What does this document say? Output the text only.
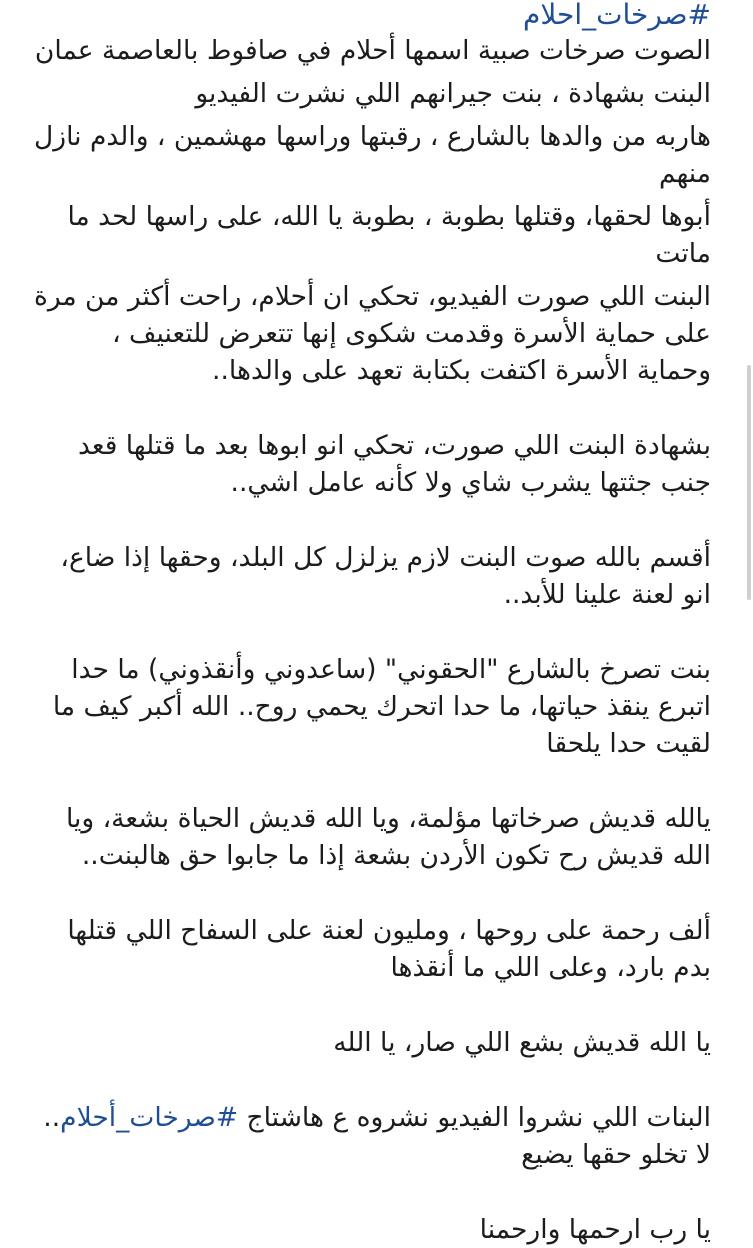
#صرخات_احلام

الصوت صرخات صبية اسمها أحلام في صافوط بالعاصمة عمان

البنت بشهادة ، بنت جيرانهم اللي نشرت الفيديو

هاربه من والدها بالشارع ، رقبتها وراسها مهشمين ، والدم نازل منهم

أبوها لحقها، وقتلها بطوبة ، بطوبة يا الله، على راسها لحد ما ماتت

البنت اللي صورت الفيديو، تحكي ان أحلام، راحت أكثر من مرة على حماية الأسرة وقدمت شكوى إنها تتعرض للتعنيف ، وحماية الأسرة اكتفت بكتابة تعهد على والدها..

بشهادة البنت اللي صورت، تحكي انو ابوها بعد ما قتلها قعد جنب جثتها يشرب شاي ولا كأنه عامل اشي..

أقسم بالله صوت البنت لازم يزلزل كل البلد، وحقها إذا ضاع، انو لعنة علينا للأبد..

بنت تصرخ بالشارع "الحقوني" (ساعدوني وأنقذوني) ما حدا اتبرع ينقذ حياتها، ما حدا اتحرك يحمي روح.. الله أكبر كيف ما لقيت حدا يلحقا

يالله قديش صرخاتها مؤلمة، ويا الله قديش الحياة بشعة، ويا الله قديش رح تكون الأردن بشعة إذا ما جابوا حق هالبنت..

ألف رحمة على روحها ، ومليون لعنة على السفاح اللي قتلها بدم بارد، وعلى اللي ما أنقذها

يا الله قديش بشع اللي صار، يا الله

البنات اللي نشروا الفيديو نشروه ع هاشتاج #صرخات_أحلام.. لا تخلو حقها يضيع

يا رب ارحمها وارحمنا
